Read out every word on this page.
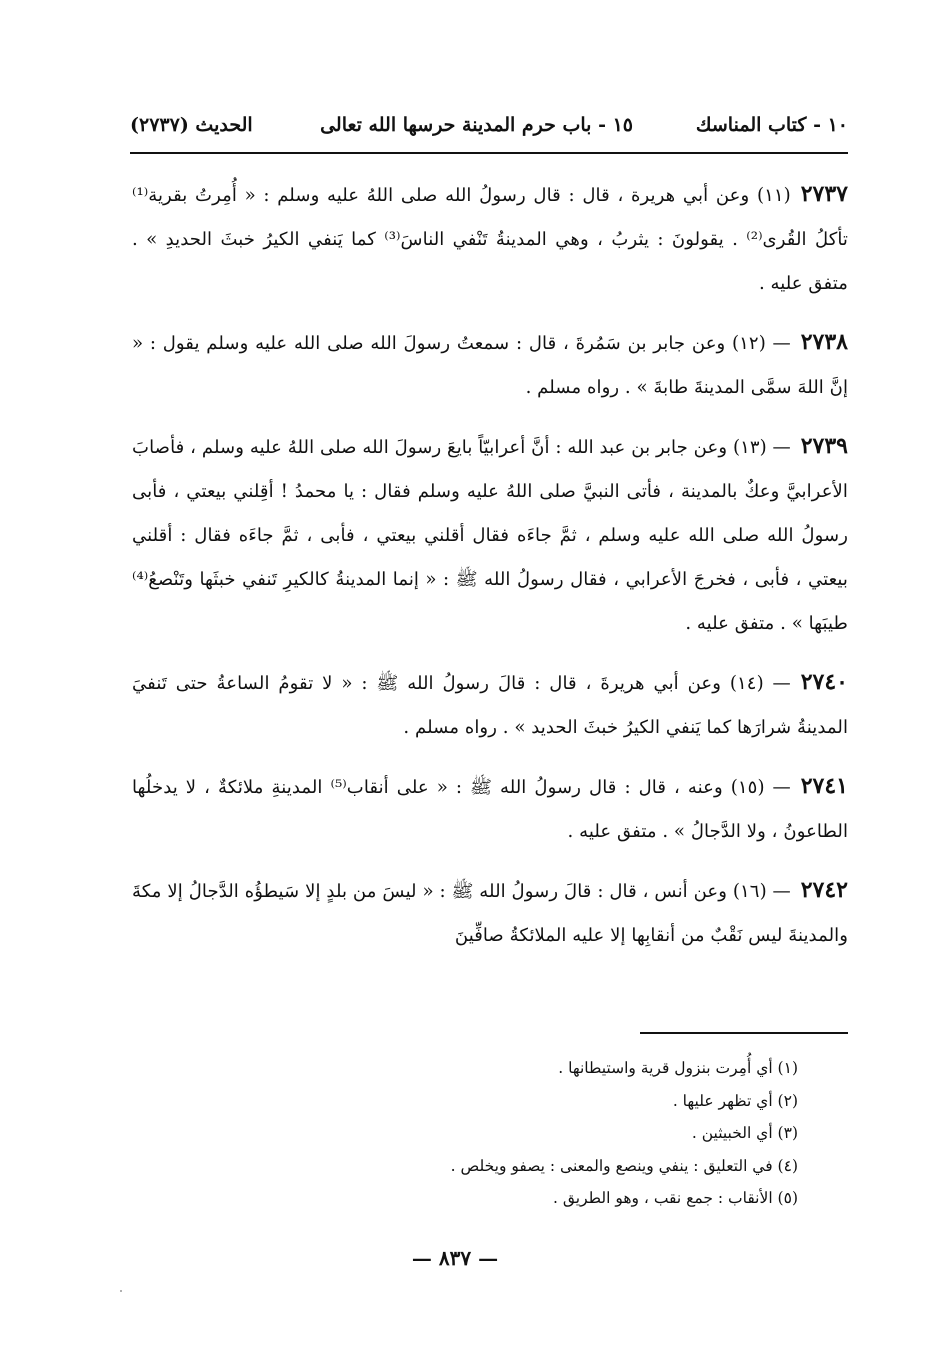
١٠ - كتاب المناسك
١٥ - باب حرم المدينة حرسها الله تعالى
الحديث (٢٧٣٧)

٢٧٣٧(١١) وعن أبي هريرة ، قال : قال رسولُ الله صلى اللهُ عليه وسلم : « أُمِرتُ بقرية⁽¹⁾ تأكلُ القُرى⁽²⁾ . يقولونَ : يثربُ ، وهي المدينةُ تَنْفي الناسَ⁽³⁾ كما يَنفي الكيرُ خبثَ الحديدِ » . متفق عليه .

٢٧٣٨— (١٢) وعن جابر بن سَمُرةَ ، قال : سمعتُ رسولَ الله صلى الله عليه وسلم يقول : « إنَّ اللهَ سمَّى المدينةَ طابةَ » . رواه مسلم .

٢٧٣٩— (١٣) وعن جابر بن عبد الله : أنَّ أعرابيّاً بايعَ رسولَ الله صلى اللهُ عليه وسلم ، فأصابَ الأعرابيَّ وعكٌ بالمدينة ، فأتى النبيَّ صلى اللهُ عليه وسلم فقال : يا محمدُ ! أقِلني بيعتي ، فأبى رسولُ الله صلى الله عليه وسلم ، ثمَّ جاءَه فقال أقلني بيعتي ، فأبى ، ثمَّ جاءَه فقال : أقلني بيعتي ، فأبى ، فخرجَ الأعرابي ، فقال رسولُ الله ﷺ : « إنما المدينةُ كالكيرِ تَنفي خبثَها وتَنْصعُ⁽⁴⁾ طيبَها » . متفق عليه .

٢٧٤٠— (١٤) وعن أبي هريرةَ ، قال : قالَ رسولُ الله ﷺ : « لا تقومُ الساعةُ حتى تَنفيَ المدينةُ شرارَها كما يَنفي الكيرُ خبثَ الحديد » . رواه مسلم .

٢٧٤١— (١٥) وعنه ، قال : قال رسولُ الله ﷺ : « على أنقاب⁽⁵⁾ المدينةِ ملائكةٌ ، لا يدخلُها الطاعونُ ، ولا الدَّجالُ » . متفق عليه .

٢٧٤٢— (١٦) وعن أنس ، قال : قالَ رسولُ الله ﷺ : « ليسَ من بلدٍ إلا سَيطؤُه الدَّجالُ إلا مكةَ والمدينةَ ليس نَقْبٌ من أنقابِها إلا عليه الملائكةُ صافِّينَ

(١) أي أُمِرت بنزول قرية واستيطانها .
(٢) أي تظهر عليها .
(٣) أي الخبيثين .
(٤) في التعليق : ينفي وينصع والمعنى : يصفو ويخلص .
(٥) الأنقاب : جمع نقب ، وهو الطريق .
— ٨٣٧ —
